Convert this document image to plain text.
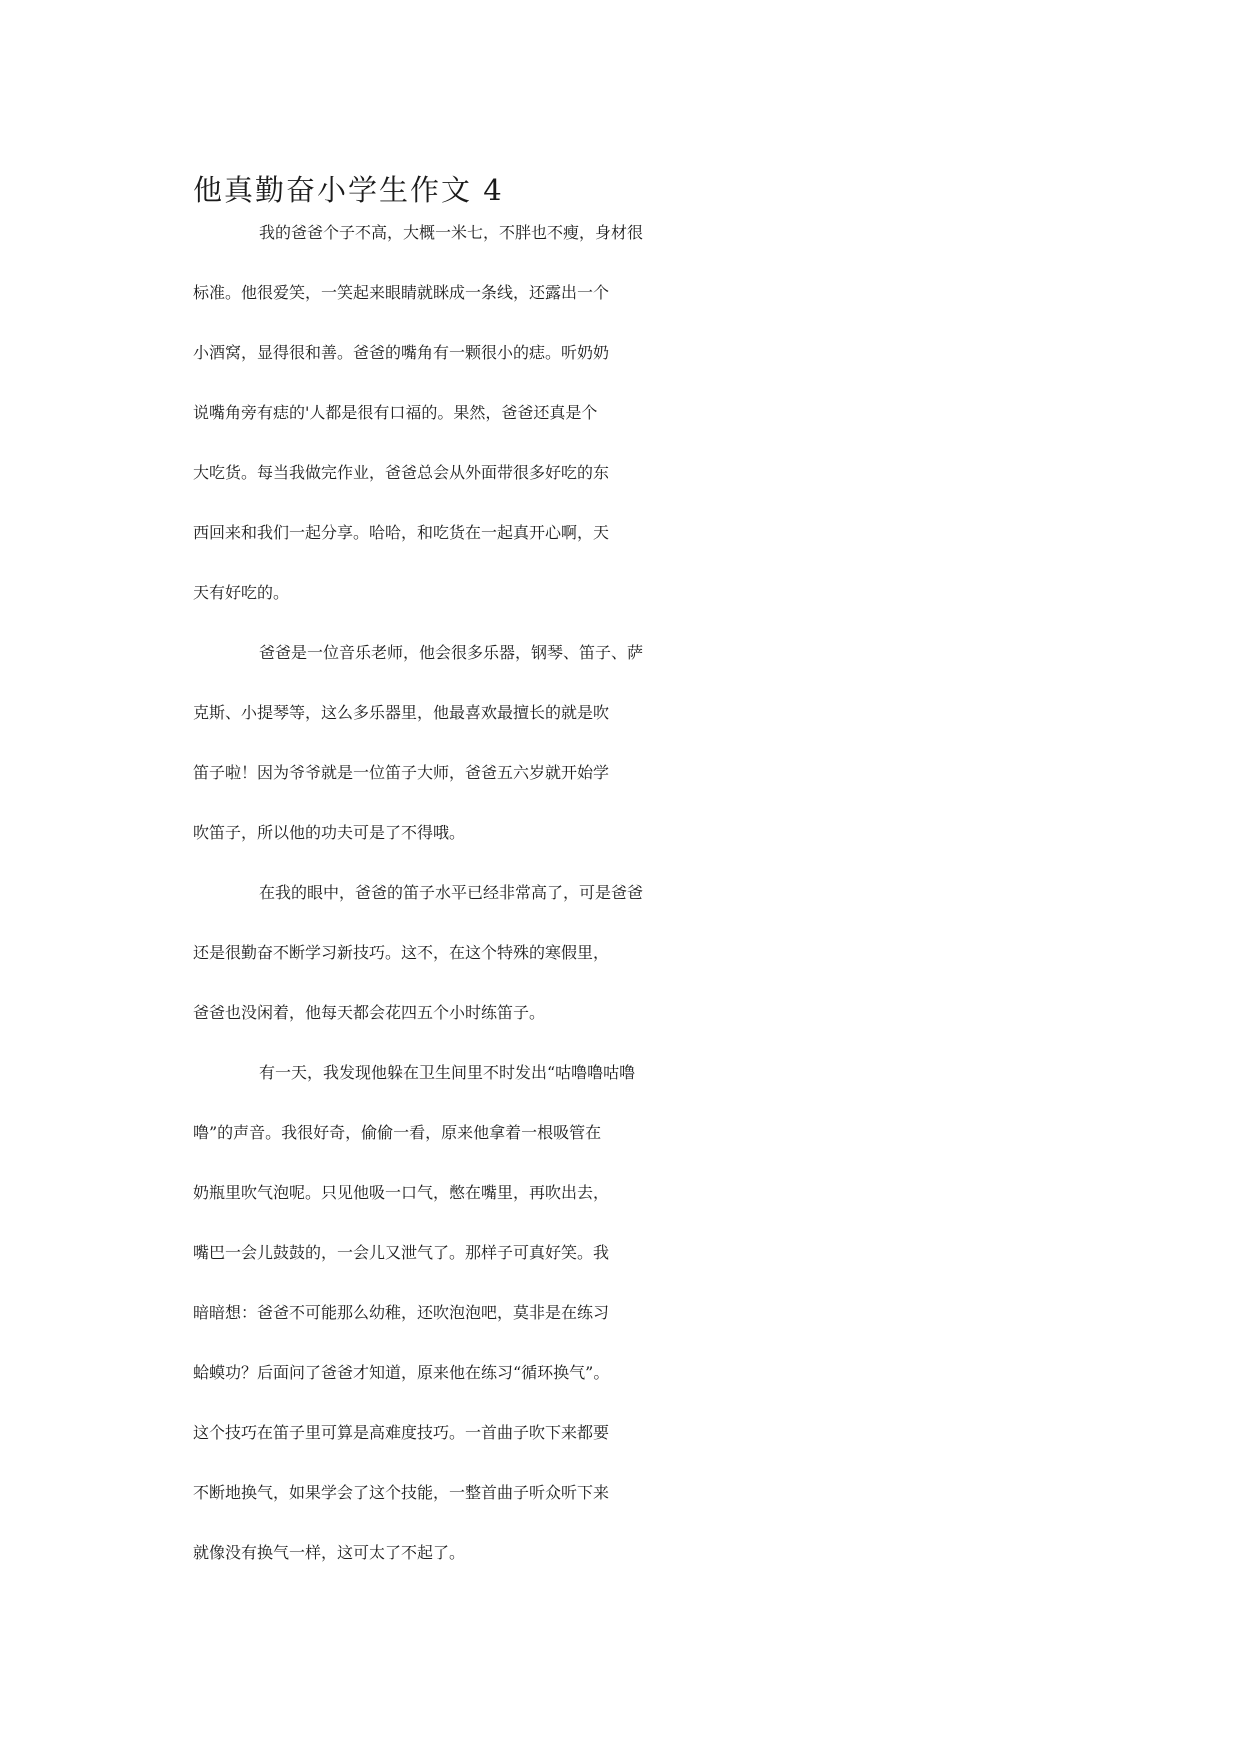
他真勤奋小学生作文 4
我的爸爸个子不高，大概一米七，不胖也不瘦，身材很
标准。他很爱笑，一笑起来眼睛就眯成一条线，还露出一个
小酒窝，显得很和善。爸爸的嘴角有一颗很小的痣。听奶奶
说嘴角旁有痣的'人都是很有口福的。果然，爸爸还真是个
大吃货。每当我做完作业，爸爸总会从外面带很多好吃的东
西回来和我们一起分享。哈哈，和吃货在一起真开心啊，天
天有好吃的。
爸爸是一位音乐老师，他会很多乐器，钢琴、笛子、萨
克斯、小提琴等，这么多乐器里，他最喜欢最擅长的就是吹
笛子啦！因为爷爷就是一位笛子大师，爸爸五六岁就开始学
吹笛子，所以他的功夫可是了不得哦。
在我的眼中，爸爸的笛子水平已经非常高了，可是爸爸
还是很勤奋不断学习新技巧。这不，在这个特殊的寒假里，
爸爸也没闲着，他每天都会花四五个小时练笛子。
有一天，我发现他躲在卫生间里不时发出“咕噜噜咕噜
噜”的声音。我很好奇，偷偷一看，原来他拿着一根吸管在
奶瓶里吹气泡呢。只见他吸一口气，憋在嘴里，再吹出去，
嘴巴一会儿鼓鼓的，一会儿又泄气了。那样子可真好笑。我
暗暗想：爸爸不可能那么幼稚，还吹泡泡吧，莫非是在练习
蛤蟆功？后面问了爸爸才知道，原来他在练习“循环换气”。
这个技巧在笛子里可算是高难度技巧。一首曲子吹下来都要
不断地换气，如果学会了这个技能，一整首曲子听众听下来
就像没有换气一样，这可太了不起了。
